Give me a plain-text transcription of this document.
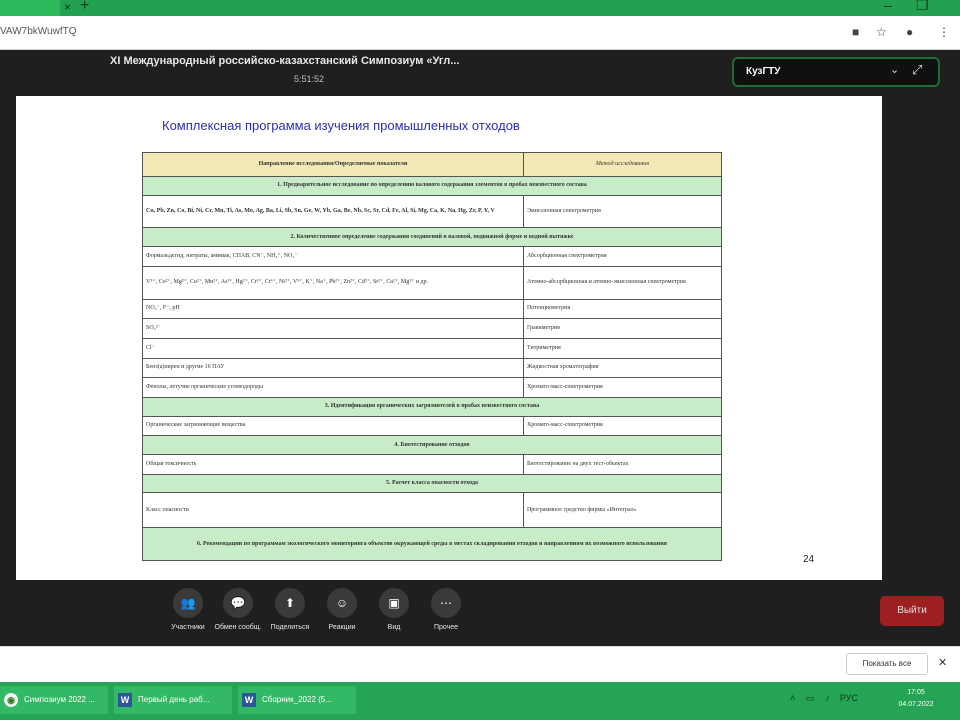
× +	– ❐
VAW7bkWuwfTQ	■ ☆ ● ⋮
XI Международный российско-казахстанский Симпозиум «Угл...
5:51:52
КузГТУ	⌄ ⤢
Комплексная программа изучения промышленных отходов
Направление исследования/Определяемые показатели	Метод исследования
1. Предварительное исследование по определению валового содержания элементов в пробах неизвестного состава	
Cu, Pb, Zn, Co, Bi, Ni, Cr, Mn, Ti, As, Mo, Ag, Ba, Li, Sb, Sn, Ge, W, Yb, Ga, Be, Nb, Sc, Sr, Cd, Fe, Al, Si, Mg, Ca, K, Na, Hg, Zr, P, Y, V	Эмиссионная спектрометрия
2. Количественное определение содержания соединений в валовой, подвижной форме и водной вытяжке	
Формальдегид, нитраты, аммиак, СПАВ, CN⁻, NH₄⁺, NO₂⁻	Абсорбционная спектрометрия
V⁵⁺, Co²⁺, Mg²⁺, Cu²⁺, Mn²⁺, As³⁺, Hg²⁺, Cr³⁺, Cr⁶⁺, Ni²⁺, V⁵⁺, K⁺, Na⁺, Pb²⁺, Zn²⁺, Cd²⁺, Sr²⁺, Ca²⁺, Mg²⁺ и др.	Атомно-абсорбционная и атомно-эмиссионная спектрометрия
NO₃⁻, F⁻, pH	Потенциометрия
SO₄²⁻	Гравиметрия
Cl⁻	Титриметрия
Бенз(а)пирен и другие 16 ПАУ	Жидкостная хроматография
Фенолы, летучие органические углеводороды	Хромато-масс-спектрометрия
3. Идентификация органических загрязнителей в пробах неизвестного состава	
Органические загрязняющие вещества	Хромато-масс-спектрометрия
4. Биотестирование отходов	
Общая токсичность	Биотестирование на двух тест-объектах
5. Расчет класса опасности отхода	
Класс опасности	Программное средство фирмы «Интеграл»
6. Рекомендации по программам экологического мониторинга объектов окружающей среды в местах складирования отходов и направлениям их возможного использования	
24
👥
Участники
💬
Обмен сообщ.
⬆
Поделиться
☺
Реакции
▣
Вид
⋯
Прочее
Выйти
Показать все	✕
◉	Симпозиум 2022 ...	W	Первый день раб...	W	Сборник_2022 (5...	˄ ▭ ♪ РУС
17:05
04.07.2022
